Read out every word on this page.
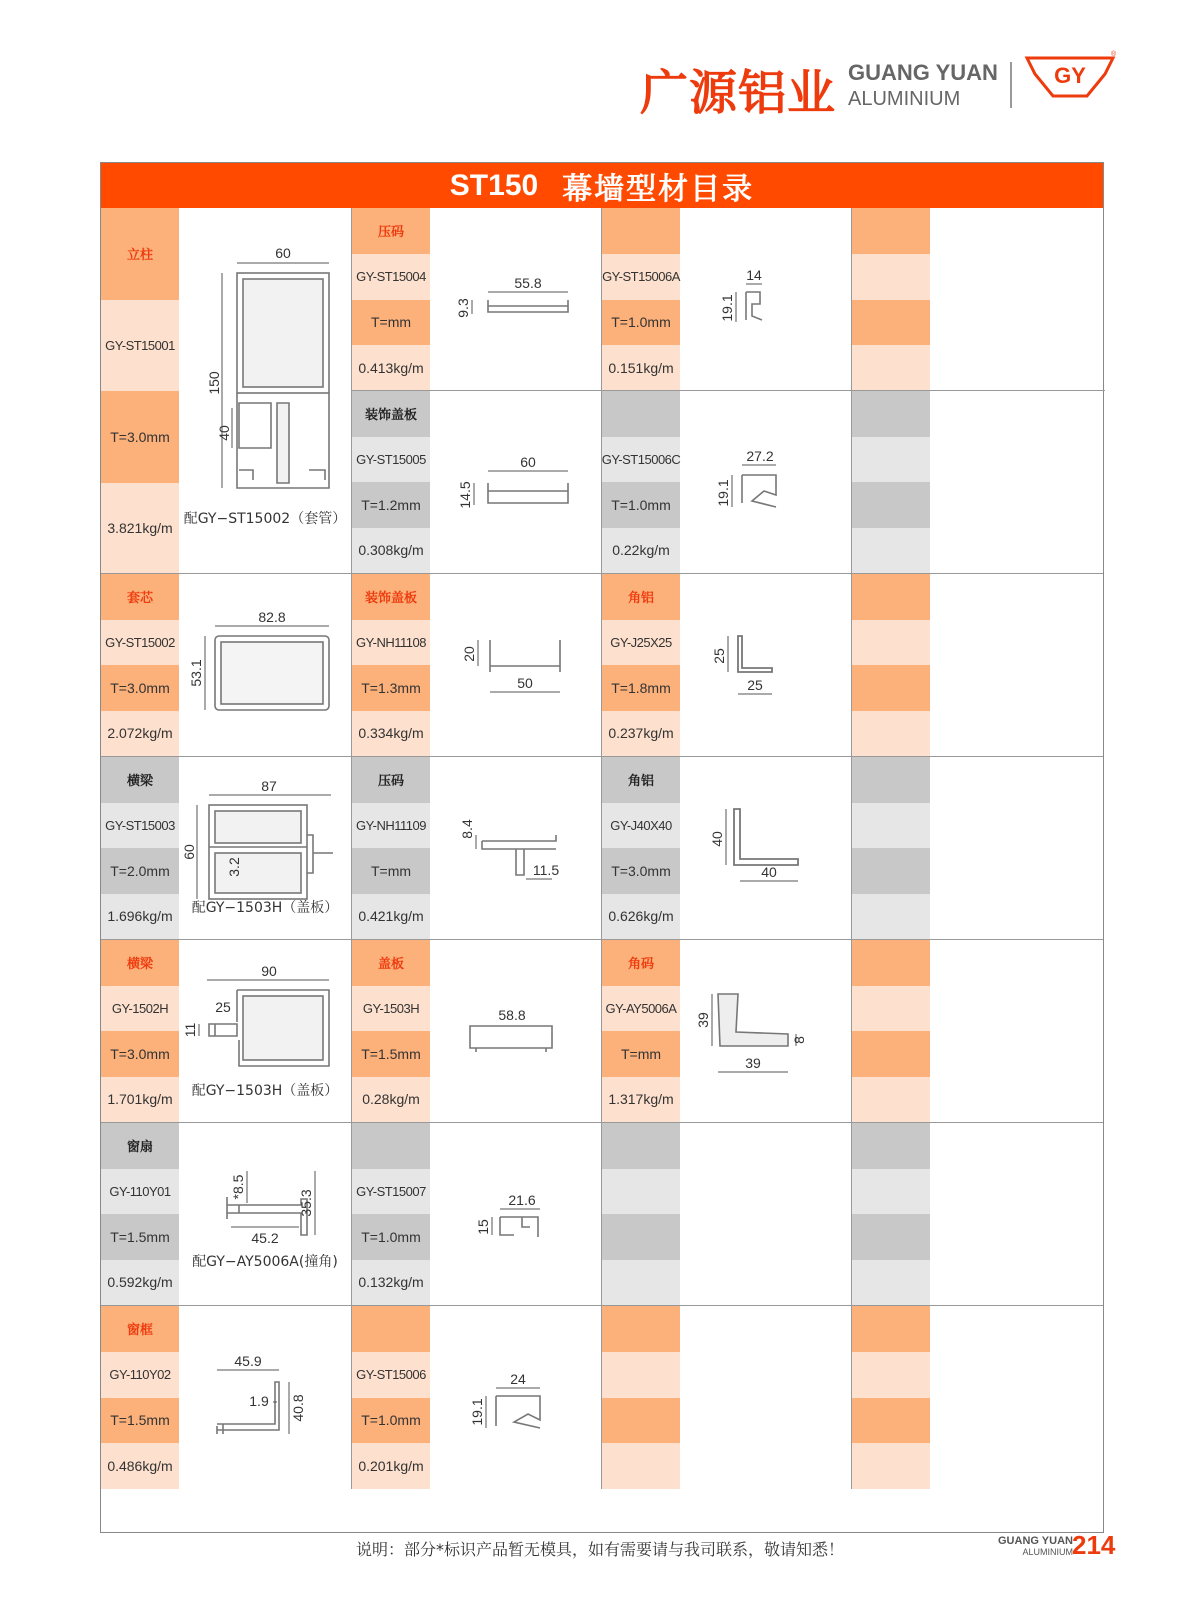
广源铝业 GUANG YUAN
ALUMINIUM
GY
®
ST150 幕墙型材目录
立柱
GY-ST15001
T=3.0mm
3.821kg/m
60
150
40
配GY−ST15002（套管）
压码
GY-ST15004
T=mm
0.413kg/m
55.8
9.3
GY-ST15006A
T=1.0mm
0.151kg/m
14
19.1
装饰盖板
GY-ST15005
T=1.2mm
0.308kg/m
60
14.5
GY-ST15006C
T=1.0mm
0.22kg/m
27.2
19.1
套芯
GY-ST15002
T=3.0mm
2.072kg/m
82.8
53.1
装饰盖板
GY-NH11108
T=1.3mm
0.334kg/m
50
20
角铝
GY-J25X25
T=1.8mm
0.237kg/m
25
25
横梁
GY-ST15003
T=2.0mm
1.696kg/m
87
60
3.2
配GY−1503H（盖板）
压码
GY-NH11109
T=mm
0.421kg/m
11.5
8.4
角铝
GY-J40X40
T=3.0mm
0.626kg/m
40
40
横梁
GY-1502H
T=3.0mm
1.701kg/m
90
25
11
配GY−1503H（盖板）
盖板
GY-1503H
T=1.5mm
0.28kg/m
58.8
角码
GY-AY5006A
T=mm
1.317kg/m
39
8
39
窗扇
GY-110Y01
T=1.5mm
0.592kg/m
*8.5
35.3
45.2
配GY−AY5006A(撞角)
GY-ST15007
T=1.0mm
0.132kg/m
21.6
15
窗框
GY-110Y02
T=1.5mm
0.486kg/m
45.9
1.9 40.8
GY-ST15006
T=1.0mm
0.201kg/m
24
19.1
说明：部分*标识产品暂无模具，如有需要请与我司联系，敬请知悉！	GUANG YUAN
ALUMINIUM 214
